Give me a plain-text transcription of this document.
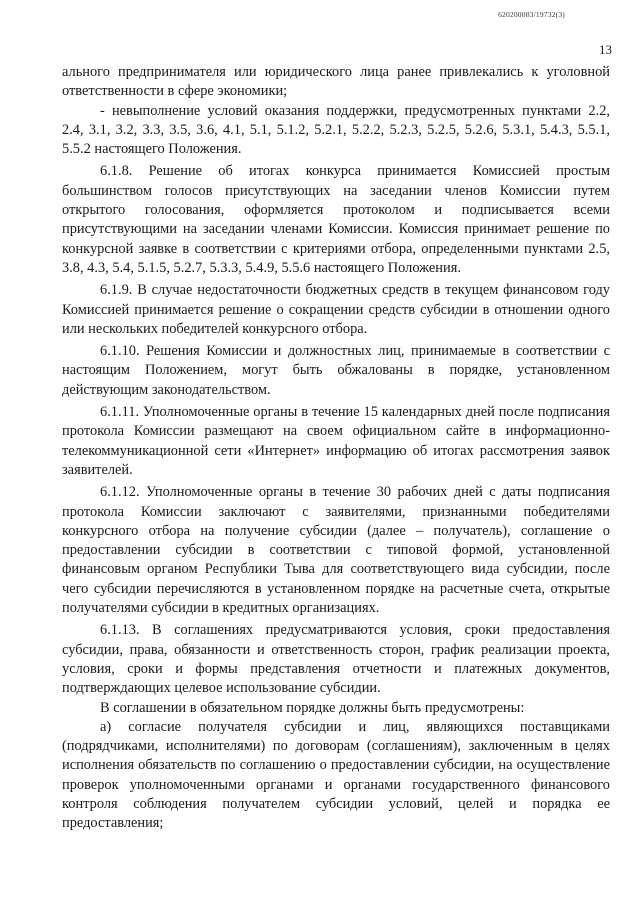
620200083/19732(3)
13

ального предпринимателя или юридического лица ранее привлекались к уголовной ответственности в сфере экономики;

- невыполнение условий оказания поддержки, предусмотренных пунктами 2.2, 2.4, 3.1, 3.2, 3.3, 3.5, 3.6, 4.1, 5.1, 5.1.2, 5.2.1, 5.2.2, 5.2.3, 5.2.5, 5.2.6, 5.3.1, 5.4.3, 5.5.1, 5.5.2 настоящего Положения.

6.1.8. Решение об итогах конкурса принимается Комиссией простым большинством голосов присутствующих на заседании членов Комиссии путем открытого голосования, оформляется протоколом и подписывается всеми присутствующими на заседании членами Комиссии. Комиссия принимает решение по конкурсной заявке в соответствии с критериями отбора, определенными пунктами 2.5, 3.8, 4.3, 5.4, 5.1.5, 5.2.7, 5.3.3, 5.4.9, 5.5.6 настоящего Положения.

6.1.9. В случае недостаточности бюджетных средств в текущем финансовом году Комиссией принимается решение о сокращении средств субсидии в отношении одного или нескольких победителей конкурсного отбора.

6.1.10. Решения Комиссии и должностных лиц, принимаемые в соответствии с настоящим Положением, могут быть обжалованы в порядке, установленном действующим законодательством.

6.1.11. Уполномоченные органы в течение 15 календарных дней после подписания протокола Комиссии размещают на своем официальном сайте в информационно-телекоммуникационной сети «Интернет» информацию об итогах рассмотрения заявок заявителей.

6.1.12. Уполномоченные органы в течение 30 рабочих дней с даты подписания протокола Комиссии заключают с заявителями, признанными победителями конкурсного отбора на получение субсидии (далее – получатель), соглашение о предоставлении субсидии в соответствии с типовой формой, установленной финансовым органом Республики Тыва для соответствующего вида субсидии, после чего субсидии перечисляются в установленном порядке на расчетные счета, открытые получателями субсидии в кредитных организациях.

6.1.13. В соглашениях предусматриваются условия, сроки предоставления субсидии, права, обязанности и ответственность сторон, график реализации проекта, условия, сроки и формы представления отчетности и платежных документов, подтверждающих целевое использование субсидии.

В соглашении в обязательном порядке должны быть предусмотрены:

а) согласие получателя субсидии и лиц, являющихся поставщиками (подрядчиками, исполнителями) по договорам (соглашениям), заключенным в целях исполнения обязательств по соглашению о предоставлении субсидии, на осуществление проверок уполномоченными органами и органами государственного финансового контроля соблюдения получателем субсидии условий, целей и порядка ее предоставления;
